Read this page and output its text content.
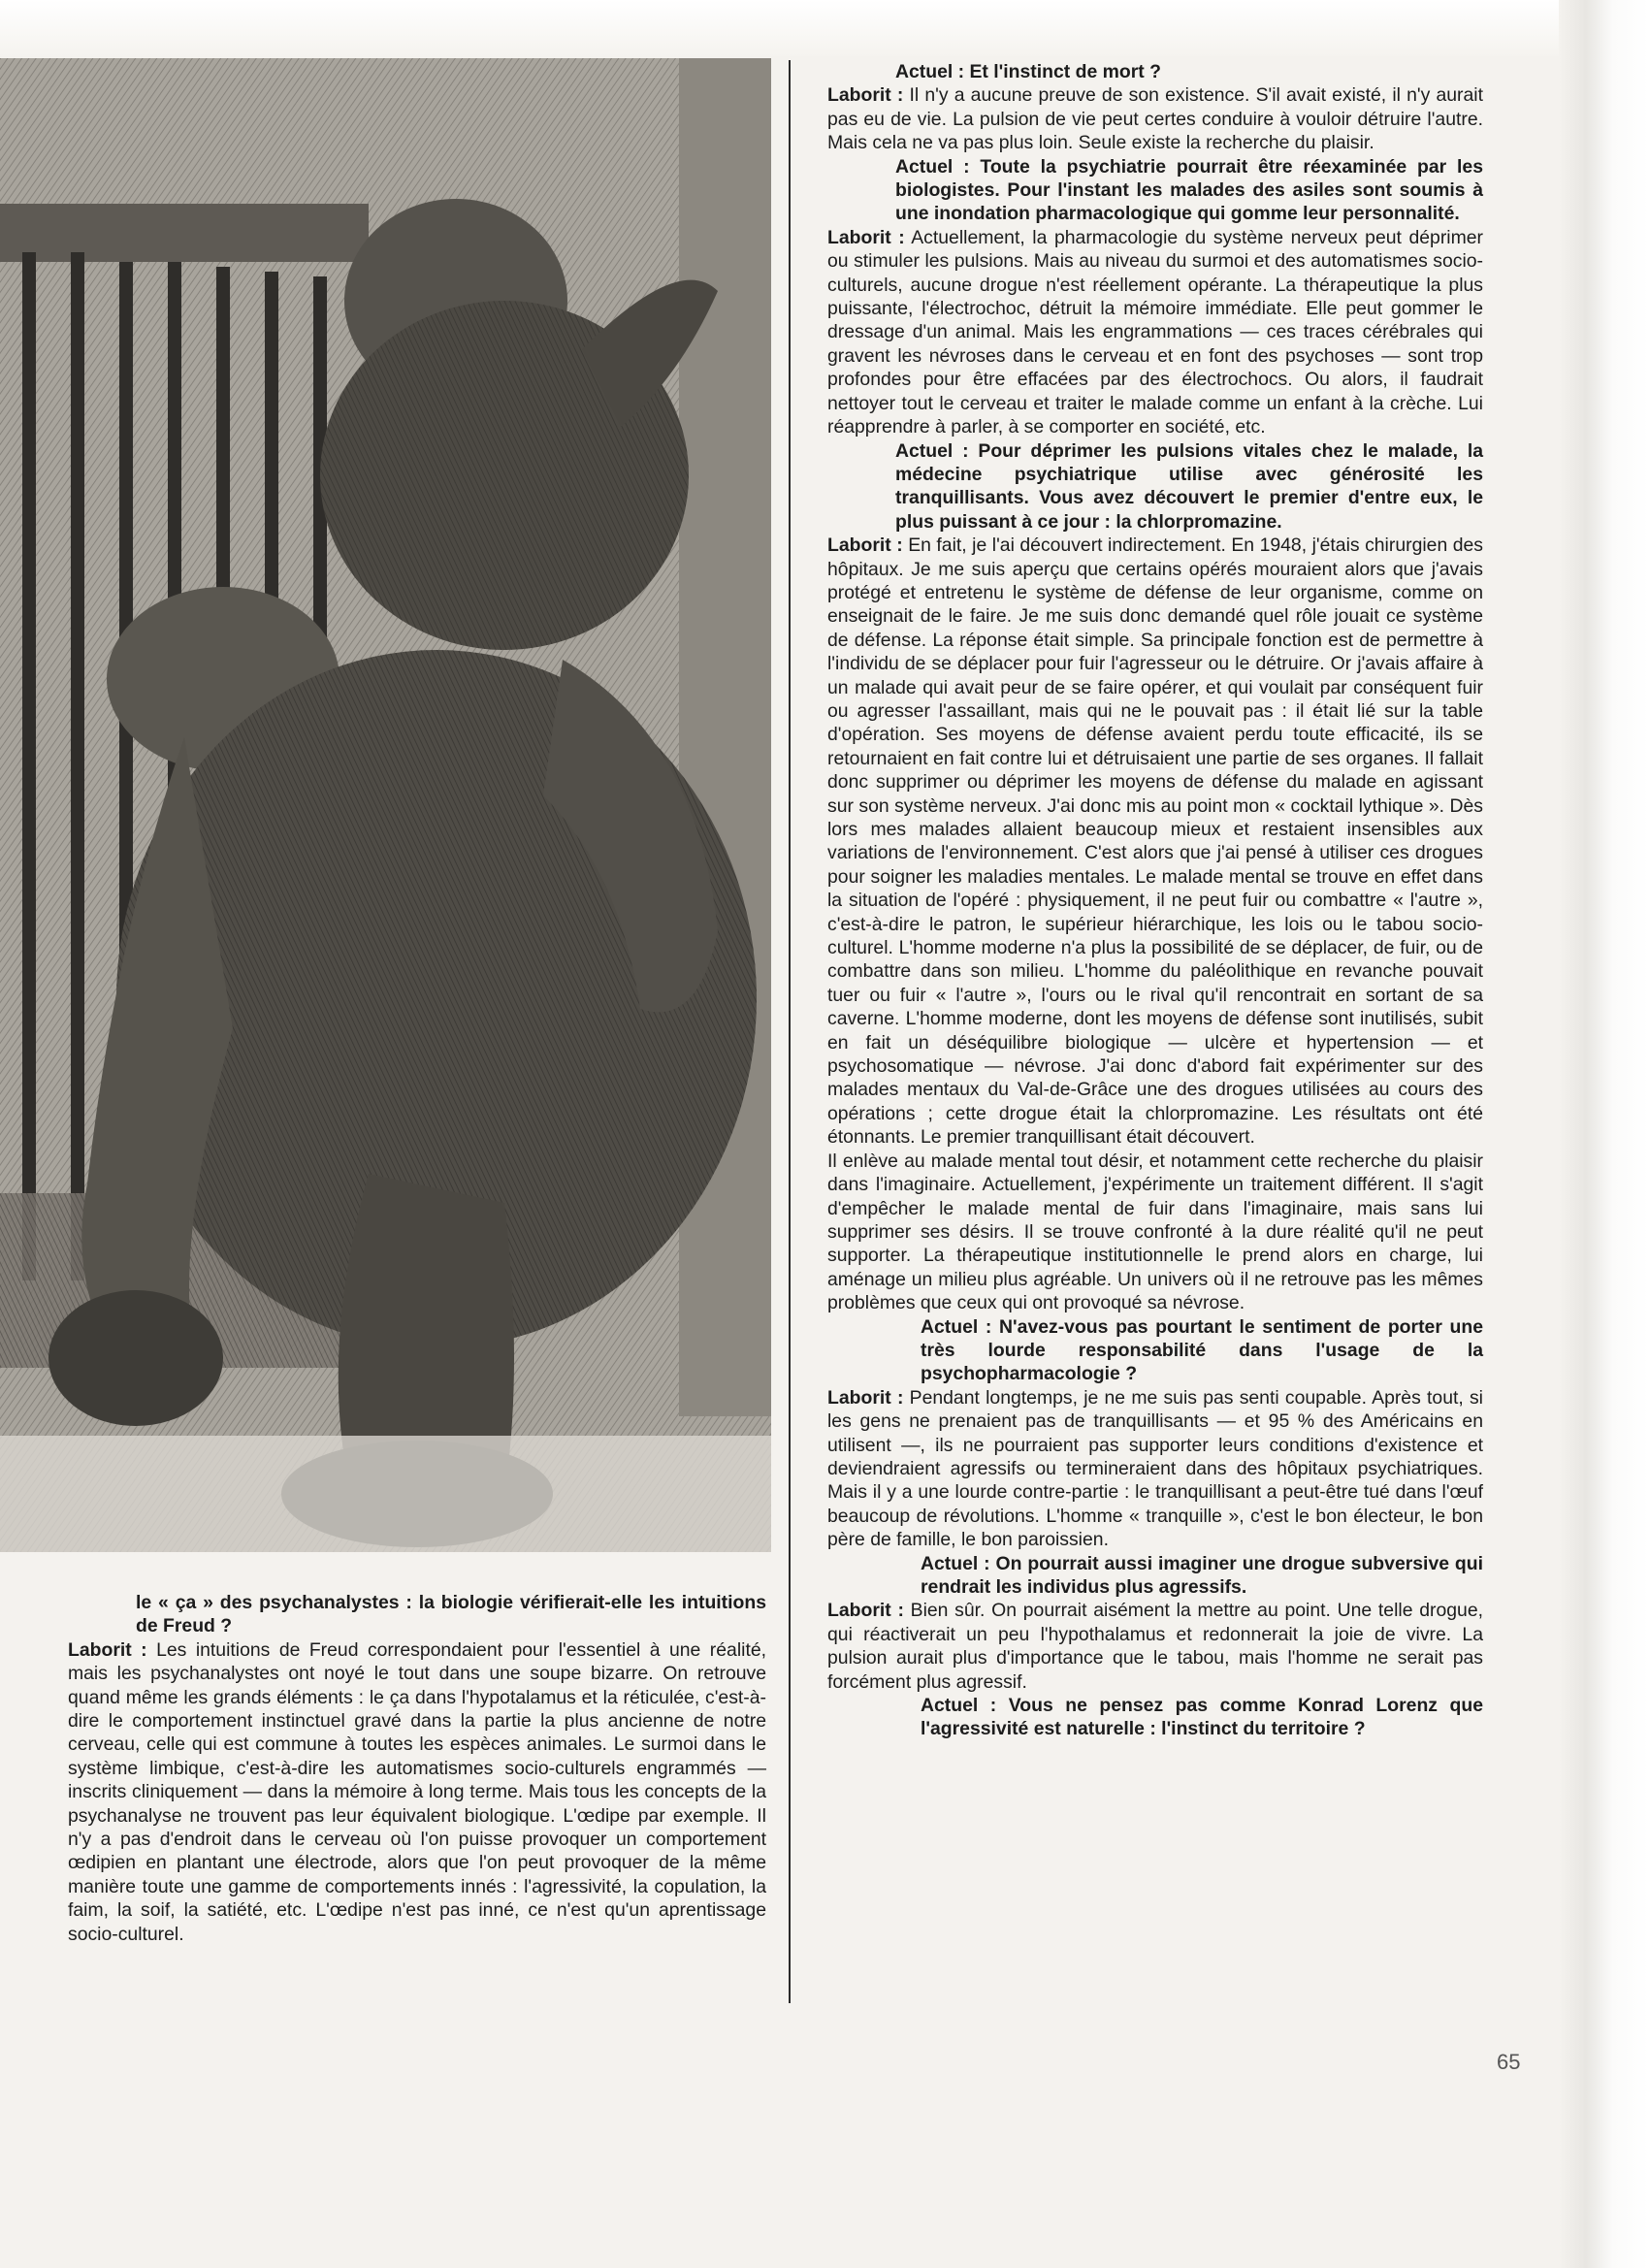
le « ça » des psychanalystes : la biologie vérifierait-elle les intuitions de Freud ?

Laborit : Les intuitions de Freud correspondaient pour l'essentiel à une réalité, mais les psychanalystes ont noyé le tout dans une soupe bizarre. On retrouve quand même les grands éléments : le ça dans l'hypotalamus et la réticulée, c'est-à-dire le comportement instinctuel gravé dans la partie la plus ancienne de notre cerveau, celle qui est commune à toutes les espèces animales. Le surmoi dans le système limbique, c'est-à-dire les automatismes socio-culturels engrammés — inscrits cliniquement — dans la mémoire à long terme. Mais tous les concepts de la psychanalyse ne trouvent pas leur équivalent biologique. L'œdipe par exemple. Il n'y a pas d'endroit dans le cerveau où l'on puisse provoquer un comportement œdipien en plantant une électrode, alors que l'on peut provoquer de la même manière toute une gamme de comportements innés : l'agressivité, la copulation, la faim, la soif, la satiété, etc. L'œdipe n'est pas inné, ce n'est qu'un aprentissage socio-culturel.

Actuel : Et l'instinct de mort ?

Laborit : Il n'y a aucune preuve de son existence. S'il avait existé, il n'y aurait pas eu de vie. La pulsion de vie peut certes conduire à vouloir détruire l'autre. Mais cela ne va pas plus loin. Seule existe la recherche du plaisir.

Actuel : Toute la psychiatrie pourrait être réexaminée par les biologistes. Pour l'instant les malades des asiles sont soumis à une inondation pharmacologique qui gomme leur personnalité.

Laborit : Actuellement, la pharmacologie du système nerveux peut déprimer ou stimuler les pulsions. Mais au niveau du surmoi et des automatismes socio-culturels, aucune drogue n'est réellement opérante. La thérapeutique la plus puissante, l'électrochoc, détruit la mémoire immédiate. Elle peut gommer le dressage d'un animal. Mais les engrammations — ces traces cérébrales qui gravent les névroses dans le cerveau et en font des psychoses — sont trop profondes pour être effacées par des électrochocs. Ou alors, il faudrait nettoyer tout le cerveau et traiter le malade comme un enfant à la crèche. Lui réapprendre à parler, à se comporter en société, etc.

Actuel : Pour déprimer les pulsions vitales chez le malade, la médecine psychiatrique utilise avec générosité les tranquillisants. Vous avez découvert le premier d'entre eux, le plus puissant à ce jour : la chlorpromazine.

Laborit : En fait, je l'ai découvert indirectement. En 1948, j'étais chirurgien des hôpitaux. Je me suis aperçu que certains opérés mouraient alors que j'avais protégé et entretenu le système de défense de leur organisme, comme on enseignait de le faire. Je me suis donc demandé quel rôle jouait ce système de défense. La réponse était simple. Sa principale fonction est de permettre à l'individu de se déplacer pour fuir l'agresseur ou le détruire. Or j'avais affaire à un malade qui avait peur de se faire opérer, et qui voulait par conséquent fuir ou agresser l'assaillant, mais qui ne le pouvait pas : il était lié sur la table d'opération. Ses moyens de défense avaient perdu toute efficacité, ils se retournaient en fait contre lui et détruisaient une partie de ses organes. Il fallait donc supprimer ou déprimer les moyens de défense du malade en agissant sur son système nerveux. J'ai donc mis au point mon « cocktail lythique ». Dès lors mes malades allaient beaucoup mieux et restaient insensibles aux variations de l'environnement. C'est alors que j'ai pensé à utiliser ces drogues pour soigner les maladies mentales. Le malade mental se trouve en effet dans la situation de l'opéré : physiquement, il ne peut fuir ou combattre « l'autre », c'est-à-dire le patron, le supérieur hiérarchique, les lois ou le tabou socio-culturel. L'homme moderne n'a plus la possibilité de se déplacer, de fuir, ou de combattre dans son milieu. L'homme du paléolithique en revanche pouvait tuer ou fuir « l'autre », l'ours ou le rival qu'il rencontrait en sortant de sa caverne. L'homme moderne, dont les moyens de défense sont inutilisés, subit en fait un déséquilibre biologique — ulcère et hypertension — et psychosomatique — névrose. J'ai donc d'abord fait expérimenter sur des malades mentaux du Val-de-Grâce une des drogues utilisées au cours des opérations ; cette drogue était la chlorpromazine. Les résultats ont été étonnants. Le premier tranquillisant était découvert.

Il enlève au malade mental tout désir, et notamment cette recherche du plaisir dans l'imaginaire. Actuellement, j'expérimente un traitement différent. Il s'agit d'empêcher le malade mental de fuir dans l'imaginaire, mais sans lui supprimer ses désirs. Il se trouve confronté à la dure réalité qu'il ne peut supporter. La thérapeutique institutionnelle le prend alors en charge, lui aménage un milieu plus agréable. Un univers où il ne retrouve pas les mêmes problèmes que ceux qui ont provoqué sa névrose.

Actuel : N'avez-vous pas pourtant le sentiment de porter une très lourde responsabilité dans l'usage de la psychopharmacologie ?

Laborit : Pendant longtemps, je ne me suis pas senti coupable. Après tout, si les gens ne prenaient pas de tranquillisants — et 95 % des Américains en utilisent —, ils ne pourraient pas supporter leurs conditions d'existence et deviendraient agressifs ou termineraient dans des hôpitaux psychiatriques. Mais il y a une lourde contre-partie : le tranquillisant a peut-être tué dans l'œuf beaucoup de révolutions. L'homme « tranquille », c'est le bon électeur, le bon père de famille, le bon paroissien.

Actuel : On pourrait aussi imaginer une drogue subversive qui rendrait les individus plus agressifs.

Laborit : Bien sûr. On pourrait aisément la mettre au point. Une telle drogue, qui réactiverait un peu l'hypothalamus et redonnerait la joie de vivre. La pulsion aurait plus d'importance que le tabou, mais l'homme ne serait pas forcément plus agressif.

Actuel : Vous ne pensez pas comme Konrad Lorenz que l'agressivité est naturelle : l'instinct du territoire ?

65
